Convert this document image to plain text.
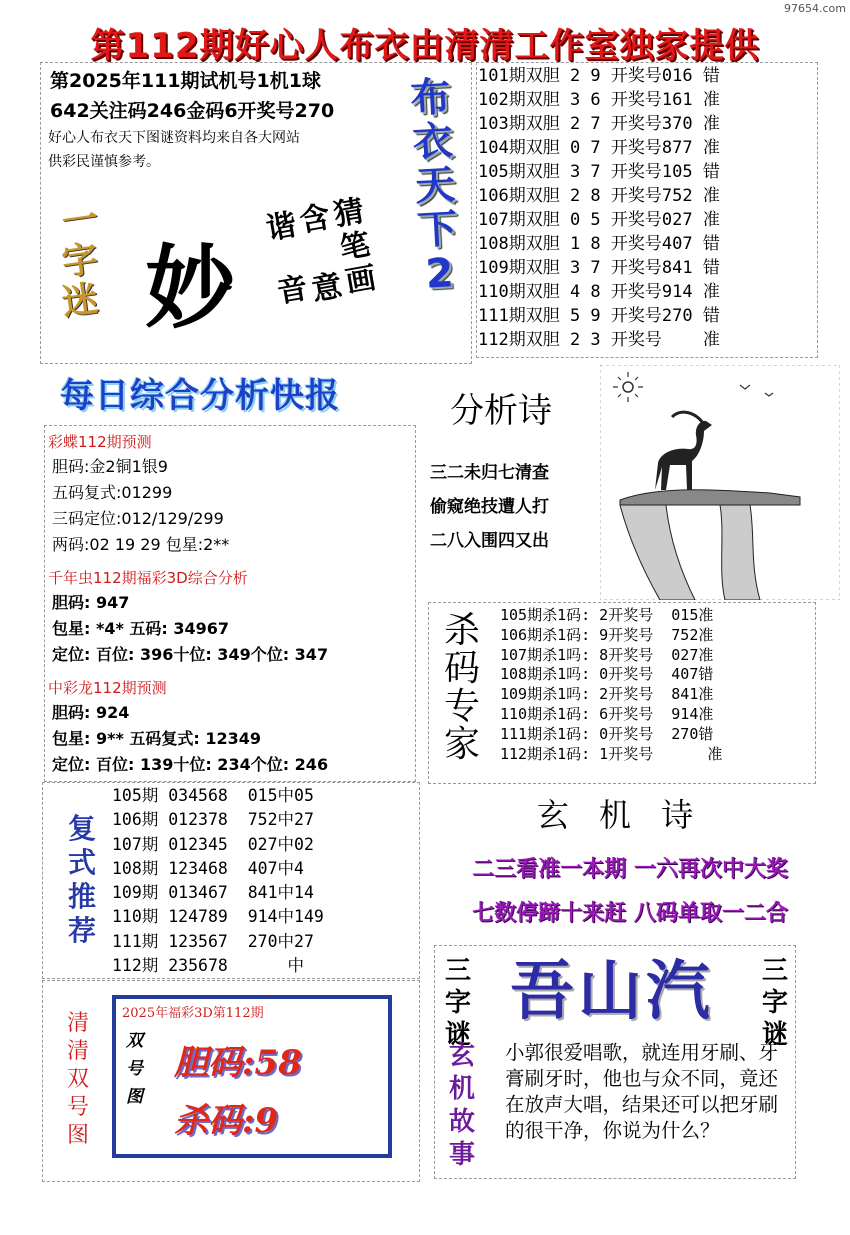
97654.com
第112期好心人布衣由清清工作室独家提供
第2025年111期试机号1机1球
642关注码246金码6开奖号270
好心人布衣天下图谜资料均来自各大网站
供彩民谨慎参考。
布
衣
天
下
2
101期双胆 2 9 开奖号016 错
102期双胆 3 6 开奖号161 准
103期双胆 2 7 开奖号370 准
104期双胆 0 7 开奖号877 准
105期双胆 3 7 开奖号105 错
106期双胆 2 8 开奖号752 准
107期双胆 0 5 开奖号027 准
108期双胆 1 8 开奖号407 错
109期双胆 3 7 开奖号841 错
110期双胆 4 8 开奖号914 准
111期双胆 5 9 开奖号270 错
112期双胆 2 3 开奖号    准
一
字
迷 妙
谐
音
含
意
猜
笔
画
每日综合分析快报
彩蝶112期预测
胆码:金2铜1银9
五码复式:01299
三码定位:012/129/299
两码:02 19 29 包星:2**
千年虫112期福彩3D综合分析
胆码: 947
包星: *4* 五码: 34967
定位: 百位: 396十位: 349个位: 347
中彩龙112期预测
胆码: 924
包星: 9** 五码复式: 12349
定位: 百位: 139十位: 234个位: 246
分析诗
三二未归七清查
偷窥绝技遭人打
二八入围四又出
杀
码
专
家
105期杀1码: 2开奖号  015准
106期杀1码: 9开奖号  752准
107期杀1吗: 8开奖号  027准
108期杀1吗: 0开奖号  407错
109期杀1吗: 2开奖号  841准
110期杀1码: 6开奖号  914准
111期杀1码: 0开奖号  270错
112期杀1码: 1开奖号      准
玄 机 诗
二三看准一本期 一六再次中大奖
七数停蹄十来赶 八码单取一二合
复
式
推
荐
105期 034568  015中05
106期 012378  752中27
107期 012345  027中02
108期 123468  407中4
109期 013467  841中14
110期 124789  914中149
111期 123567  270中27
112期 235678      中
清
清
双
号
图
2025年福彩3D第112期
双
号
图
胆码:58
杀码:9
三
字
谜
三
字
谜
吾山汽
玄
机
故
事
小郭很爱唱歌，就连用牙刷、牙膏刷牙时，他也与众不同，竟还在放声大唱，结果还可以把牙刷的很干净，你说为什么？
